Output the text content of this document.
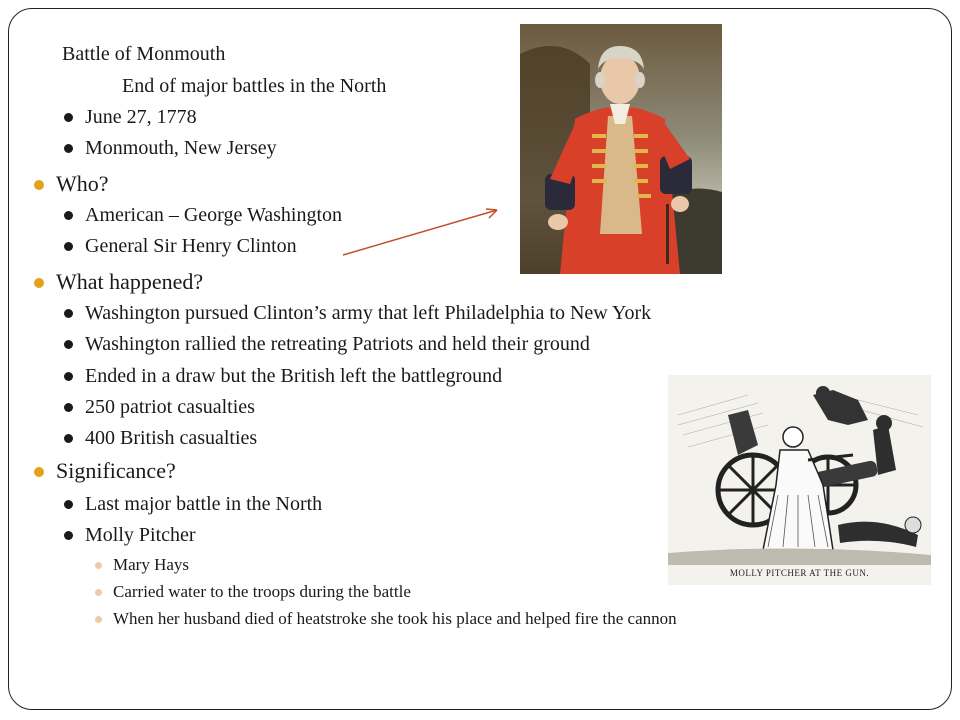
Battle of Monmouth
End of major battles in the North
June 27, 1778
Monmouth, New Jersey
Who?
American – George Washington
General Sir Henry Clinton
What happened?
Washington pursued Clinton’s army that left Philadelphia to New York
Washington rallied the retreating Patriots and held their ground
Ended in a draw but the British left the battleground
250 patriot casualties
400 British casualties
Significance?
Last major battle in the North
Molly Pitcher
Mary Hays
Carried water to the troops during the battle
When her husband died of heatstroke she took his place and helped fire the cannon
MOLLY PITCHER AT THE GUN.
